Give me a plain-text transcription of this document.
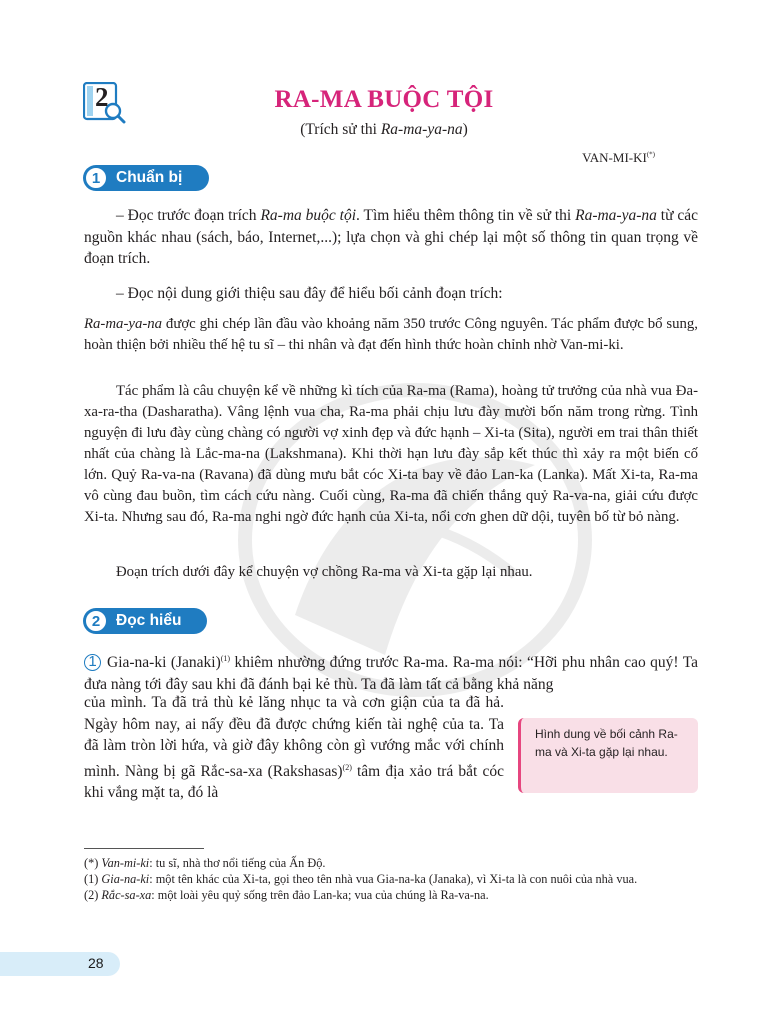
2	RA-MA BUỘC TỘI
(Trích sử thi Ra-ma-ya-na)
VAN-MI-KI(*)
1	Chuẩn bị

– Đọc trước đoạn trích Ra-ma buộc tội. Tìm hiểu thêm thông tin về sử thi Ra-ma-ya-na từ các nguồn khác nhau (sách, báo, Internet,...); lựa chọn và ghi chép lại một số thông tin quan trọng về đoạn trích.

– Đọc nội dung giới thiệu sau đây để hiểu bối cảnh đoạn trích:

Ra-ma-ya-na được ghi chép lần đầu vào khoảng năm 350 trước Công nguyên. Tác phẩm được bổ sung, hoàn thiện bởi nhiều thế hệ tu sĩ – thi nhân và đạt đến hình thức hoàn chỉnh nhờ Van-mi-ki.

Tác phẩm là câu chuyện kể về những kì tích của Ra-ma (Rama), hoàng tử trưởng của nhà vua Đa-xa-ra-tha (Dasharatha). Vâng lệnh vua cha, Ra-ma phải chịu lưu đày mười bốn năm trong rừng. Tình nguyện đi lưu đày cùng chàng có người vợ xinh đẹp và đức hạnh – Xi-ta (Sita), người em trai thân thiết nhất của chàng là Lắc-ma-na (Lakshmana). Khi thời hạn lưu đày sắp kết thúc thì xảy ra một biến cố lớn. Quỷ Ra-va-na (Ravana) đã dùng mưu bắt cóc Xi-ta bay về đảo Lan-ka (Lanka). Mất Xi-ta, Ra-ma vô cùng đau buồn, tìm cách cứu nàng. Cuối cùng, Ra-ma đã chiến thắng quỷ Ra-va-na, giải cứu được Xi-ta. Nhưng sau đó, Ra-ma nghi ngờ đức hạnh của Xi-ta, nổi cơn ghen dữ dội, tuyên bố từ bỏ nàng.

Đoạn trích dưới đây kể chuyện vợ chồng Ra-ma và Xi-ta gặp lại nhau.

2	Đọc hiểu

1 Gia-na-ki (Janaki)$^{(1)}$ khiêm nhường đứng trước Ra-ma. Ra-ma nói: “Hỡi phu nhân cao quý! Ta đưa nàng tới đây sau khi đã đánh bại kẻ thù. Ta đã làm tất cả bằng khả năng

của mình. Ta đã trả thù kẻ lăng nhục ta và cơn giận của ta đã hả. Ngày hôm nay, ai nấy đều đã được chứng kiến tài nghệ của ta. Ta đã làm tròn lời hứa, và giờ đây không còn gì vướng mắc với chính mình. Nàng bị gã Rắc-sa-xa (Rakshasas)$^{(2)}$ tâm địa xảo trá bắt cóc khi vắng mặt ta, đó là

Hình dung về bối cảnh Ra-ma và Xi-ta gặp lại nhau.

(*) Van-mi-ki: tu sĩ, nhà thơ nổi tiếng của Ấn Độ.

(1) Gia-na-ki: một tên khác của Xi-ta, gọi theo tên nhà vua Gia-na-ka (Janaka), vì Xi-ta là con nuôi của nhà vua.

(2) Rắc-sa-xa: một loài yêu quỷ sống trên đảo Lan-ka; vua của chúng là Ra-va-na.

28
